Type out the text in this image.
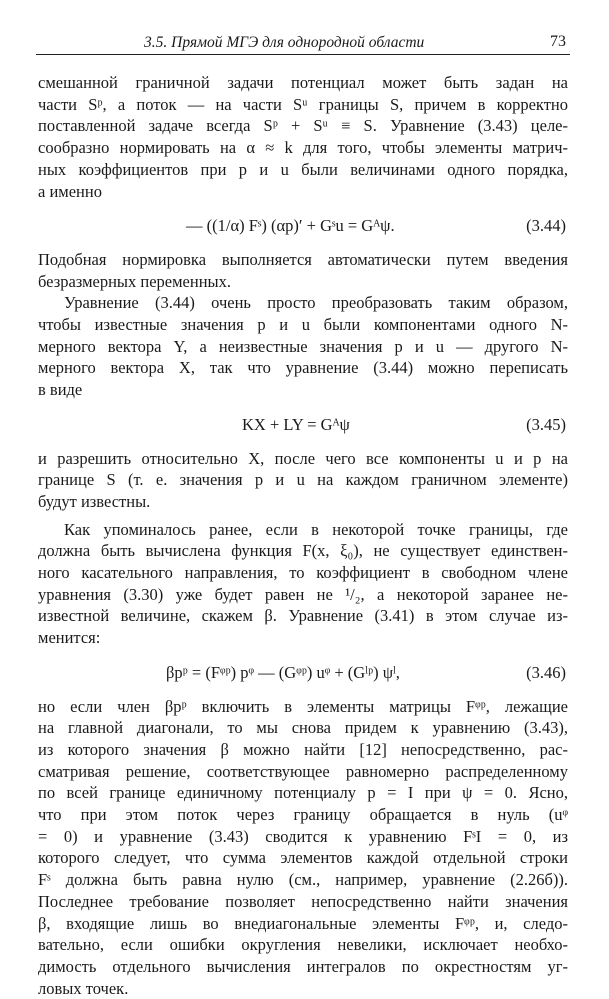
3.5. Прямой МГЭ для однородной области	73

смешанной граничной задачи потенциал может быть задан на

части Sᵖ, а поток — на части Sᵘ границы S, причем в корректно

поставленной задаче всегда Sᵖ + Sᵘ ≡ S. Уравнение (3.43) целе-

сообразно нормировать на α ≈ k для того, чтобы элементы матрич-

ных коэффициентов при p и u были величинами одного порядка,

а именно

— ((1/α) Fˢ) (αp)′ + Gˢu = Gᴬψ.	(3.44)

Подобная нормировка выполняется автоматически путем введения

безразмерных переменных.

Уравнение (3.44) очень просто преобразовать таким образом,

чтобы известные значения p и u были компонентами одного N-

мерного вектора Y, а неизвестные значения p и u — другого N-

мерного вектора X, так что уравнение (3.44) можно переписать

в виде

KX + LY = Gᴬψ	(3.45)

и разрешить относительно X, после чего все компоненты u и p на

границе S (т. е. значения p и u на каждом граничном элементе)

будут известны.

Как упоминалось ранее, если в некоторой точке границы, где

должна быть вычислена функция F(x, ξ₀), не существует единствен-

ного касательного направления, то коэффициент в свободном члене

уравнения (3.30) уже будет равен не ¹/₂, а некоторой заранее не-

известной величине, скажем β. Уравнение (3.41) в этом случае из-

менится:

βpᵖ = (Fᵠᵖ) pᵠ — (Gᵠᵖ) uᵠ + (Gˡᵖ) ψˡ,	(3.46)

но если член βpᵖ включить в элементы матрицы Fᵠᵖ, лежащие

на главной диагонали, то мы снова придем к уравнению (3.43),

из которого значения β можно найти [12] непосредственно, рас-

сматривая решение, соответствующее равномерно распределенному

по всей границе единичному потенциалу p = I при ψ = 0. Ясно,

что при этом поток через границу обращается в нуль (uᵠ

= 0) и уравнение (3.43) сводится к уравнению FˢI = 0, из

которого следует, что сумма элементов каждой отдельной строки

Fˢ должна быть равна нулю (см., например, уравнение (2.26б)).

Последнее требование позволяет непосредственно найти значения

β, входящие лишь во внедиагональные элементы Fᵠᵖ, и, следо-

вательно, если ошибки округления невелики, исключает необхо-

димость отдельного вычисления интегралов по окрестностям уг-

ловых точек.
